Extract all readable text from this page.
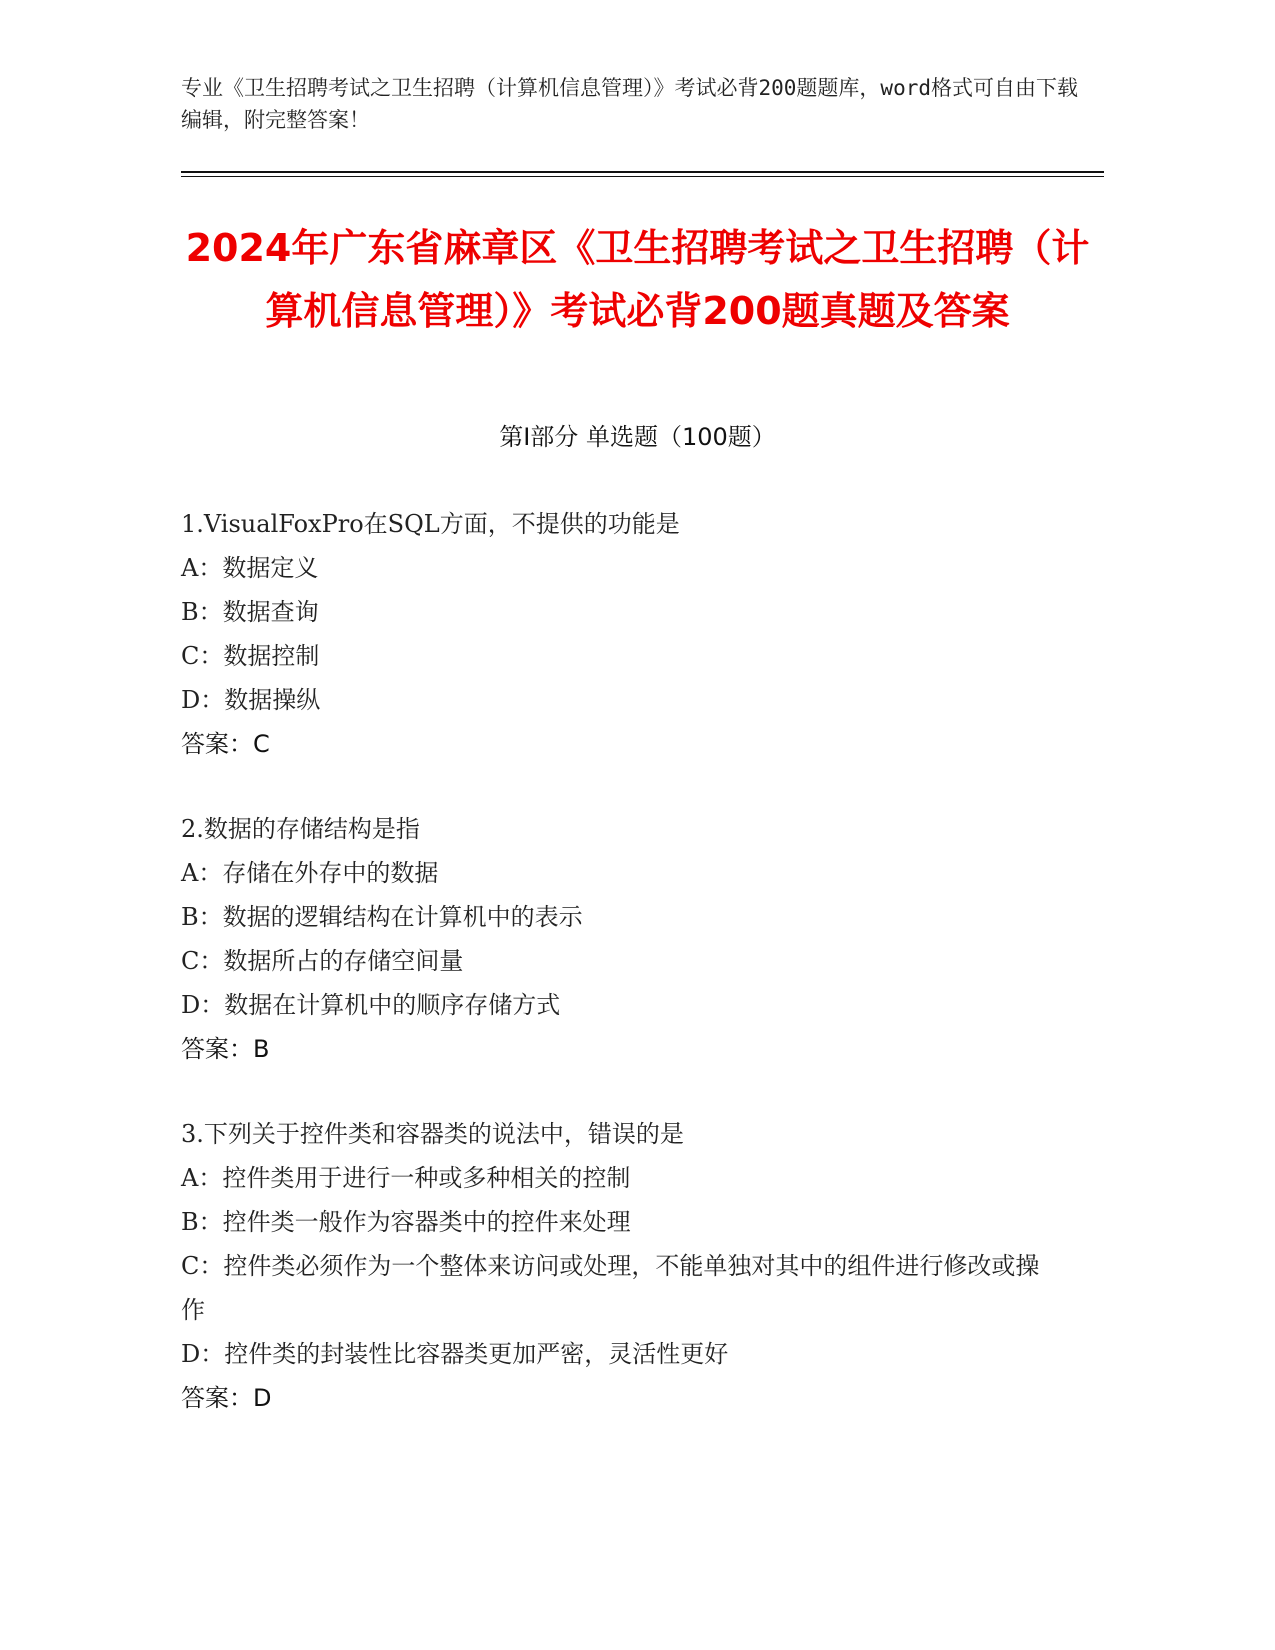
专业《卫生招聘考试之卫生招聘（计算机信息管理）》考试必背200题题库，word格式可自由下载编辑，附完整答案！
2024年广东省麻章区《卫生招聘考试之卫生招聘（计算机信息管理）》考试必背200题真题及答案
第Ⅰ部分 单选题（100题）
1.VisualFoxPro在SQL方面，不提供的功能是
A：数据定义
B：数据查询
C：数据控制
D：数据操纵
答案：C
2.数据的存储结构是指
A：存储在外存中的数据
B：数据的逻辑结构在计算机中的表示
C：数据所占的存储空间量
D：数据在计算机中的顺序存储方式
答案：B
3.下列关于控件类和容器类的说法中，错误的是
A：控件类用于进行一种或多种相关的控制
B：控件类一般作为容器类中的控件来处理
C：控件类必须作为一个整体来访问或处理，不能单独对其中的组件进行修改或操作
D：控件类的封装性比容器类更加严密，灵活性更好
答案：D
